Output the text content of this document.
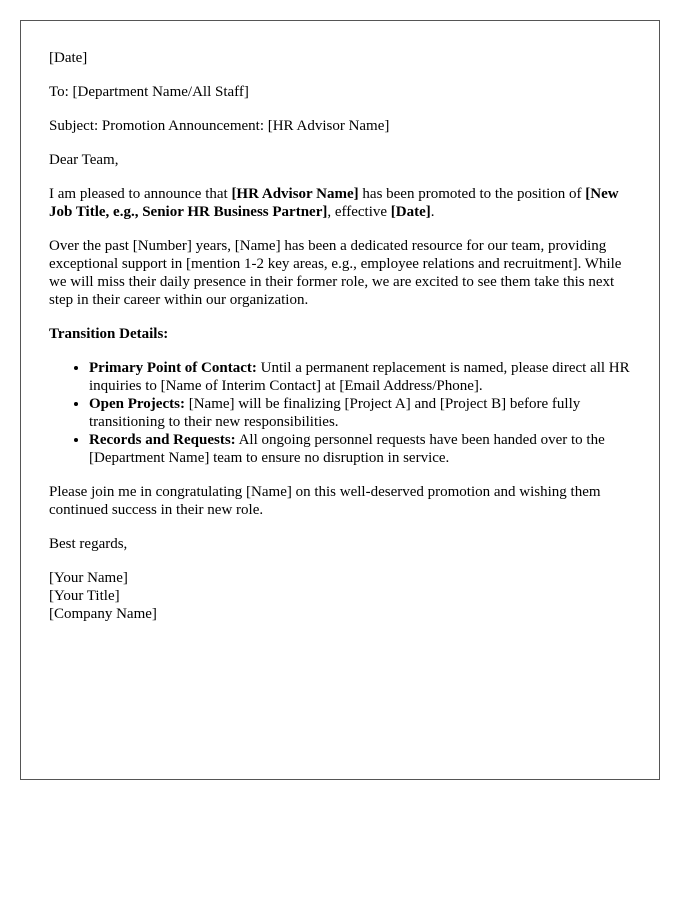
[Date]

To: [Department Name/All Staff]

Subject: Promotion Announcement: [HR Advisor Name]

Dear Team,

I am pleased to announce that [HR Advisor Name] has been promoted to the position of [New Job Title, e.g., Senior HR Business Partner], effective [Date].

Over the past [Number] years, [Name] has been a dedicated resource for our team, providing exceptional support in [mention 1-2 key areas, e.g., employee relations and recruitment]. While we will miss their daily presence in their former role, we are excited to see them take this next step in their career within our organization.

Transition Details:

• Primary Point of Contact: Until a permanent replacement is named, please direct all HR inquiries to [Name of Interim Contact] at [Email Address/Phone].
• Open Projects: [Name] will be finalizing [Project A] and [Project B] before fully transitioning to their new responsibilities.
• Records and Requests: All ongoing personnel requests have been handed over to the [Department Name] team to ensure no disruption in service.

Please join me in congratulating [Name] on this well-deserved promotion and wishing them continued success in their new role.

Best regards,

[Your Name]
[Your Title]
[Company Name]
